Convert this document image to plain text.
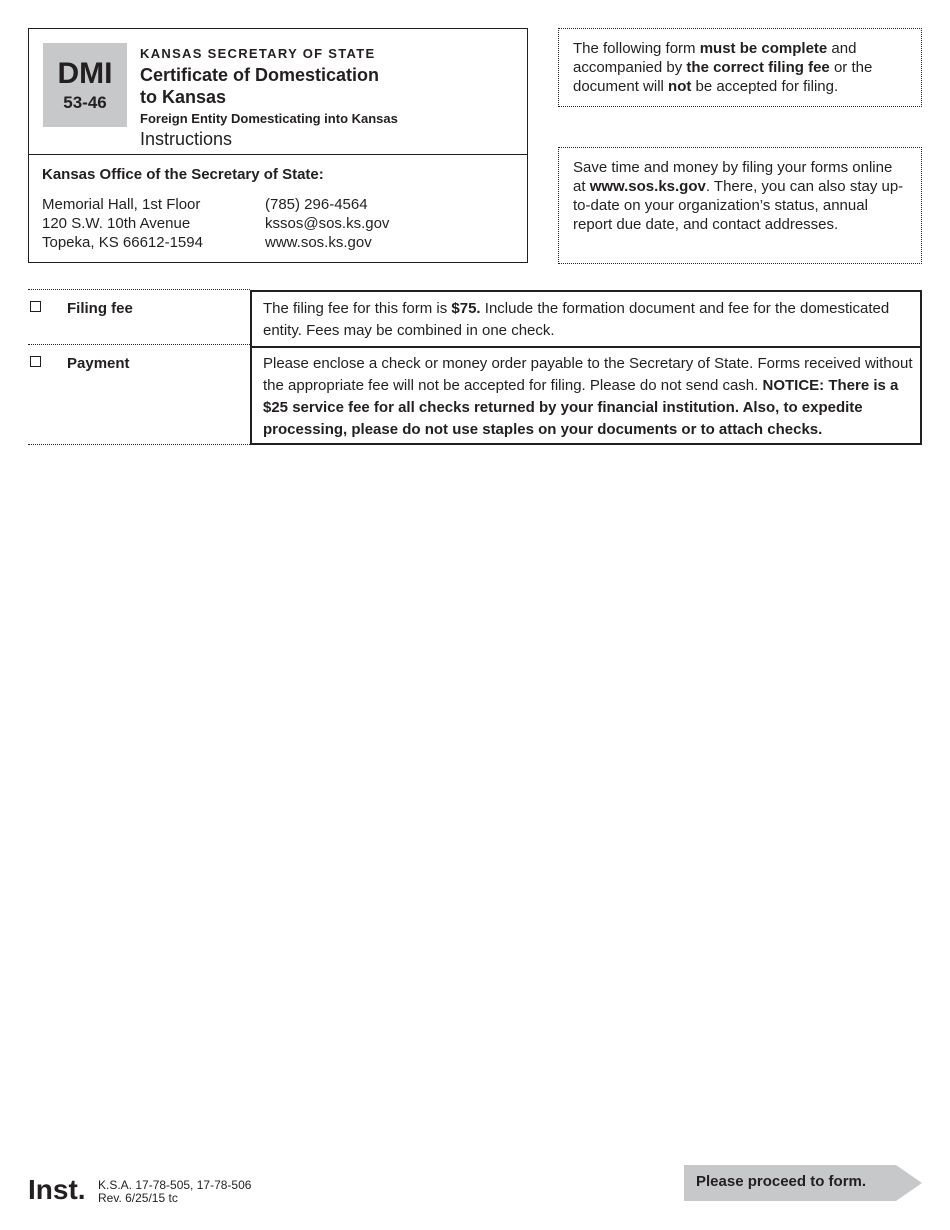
DMI
53-46
KANSAS SECRETARY OF STATE
Certificate of Domestication
to Kansas
Foreign Entity Domesticating into Kansas
Instructions
Kansas Office of the Secretary of State:
Memorial Hall, 1st Floor
120 S.W. 10th Avenue
Topeka, KS 66612-1594
(785) 296-4564
kssos@sos.ks.gov
www.sos.ks.gov
The following form must be complete and accompanied by the correct filing fee or the document will not be accepted for filing.
Save time and money by filing your forms online at www.sos.ks.gov. There, you can also stay up-to-date on your organization’s status, annual report due date, and contact addresses.
Filing fee
Payment
The filing fee for this form is $75. Include the formation document and fee for the domesticated entity. Fees may be combined in one check.
Please enclose a check or money order payable to the Secretary of State. Forms received without the appropriate fee will not be accepted for filing. Please do not send cash. NOTICE: There is a $25 service fee for all checks returned by your financial institution. Also, to expedite processing, please do not use staples on your documents or to attach checks.
Inst. K.S.A. 17-78-505, 17-78-506
Rev. 6/25/15 tc
Please proceed to form.
